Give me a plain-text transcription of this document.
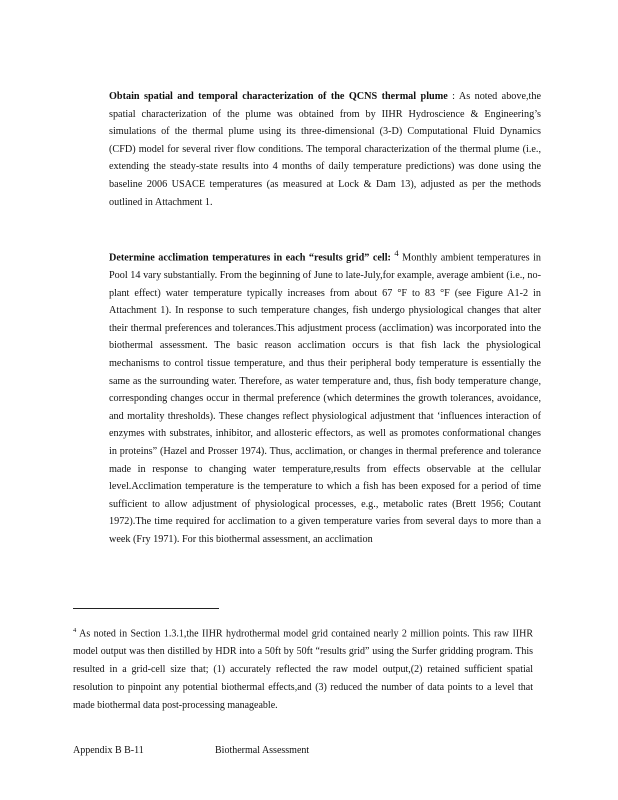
Obtain spatial and temporal characterization of the QCNS thermal plume : As noted above,the spatial characterization of the plume was obtained from by IIHR Hydroscience & Engineering’s simulations of the thermal plume using its three-dimensional (3-D) Computational Fluid Dynamics (CFD) model for several river flow conditions. The temporal characterization of the thermal plume (i.e., extending the steady-state results into 4 months of daily temperature predictions) was done using the baseline 2006 USACE temperatures (as measured at Lock & Dam 13), adjusted as per the methods outlined in Attachment 1.

Determine acclimation temperatures in each “results grid” cell: $^4$ Monthly ambient temperatures in Pool 14 vary substantially. From the beginning of June to late-July,for example, average ambient (i.e., no-plant effect) water temperature typically increases from about 67 °F to 83 °F (see Figure A1-2 in Attachment 1). In response to such temperature changes, fish undergo physiological changes that alter their thermal preferences and tolerances.This adjustment process (acclimation) was incorporated into the biothermal assessment. The basic reason acclimation occurs is that fish lack the physiological mechanisms to control tissue temperature, and thus their peripheral body temperature is essentially the same as the surrounding water. Therefore, as water temperature and, thus, fish body temperature change, corresponding changes occur in thermal preference (which determines the growth tolerances, avoidance, and mortality thresholds). These changes reflect physiological adjustment that ‘influences interaction of enzymes with substrates, inhibitor, and allosteric effectors, as well as promotes conformational changes in proteins” (Hazel and Prosser 1974). Thus, acclimation, or changes in thermal preference and tolerance made in response to changing water temperature,results from effects observable at the cellular level.Acclimation temperature is the temperature to which a fish has been exposed for a period of time sufficient to allow adjustment of physiological processes, e.g., metabolic rates (Brett 1956; Coutant 1972).The time required for acclimation to a given temperature varies from several days to more than a week (Fry 1971). For this biothermal assessment, an acclimation

$^4$ As noted in Section 1.3.1,the IIHR hydrothermal model grid contained nearly 2 million points. This raw IIHR model output was then distilled by HDR into a 50ft by 50ft “results grid” using the Surfer gridding program. This resulted in a grid-cell size that; (1) accurately reflected the raw model output,(2) retained sufficient spatial resolution to pinpoint any potential biothermal effects,and (3) reduced the number of data points to a level that made biothermal data post-processing manageable.
Appendix B B-11	Biothermal Assessment
